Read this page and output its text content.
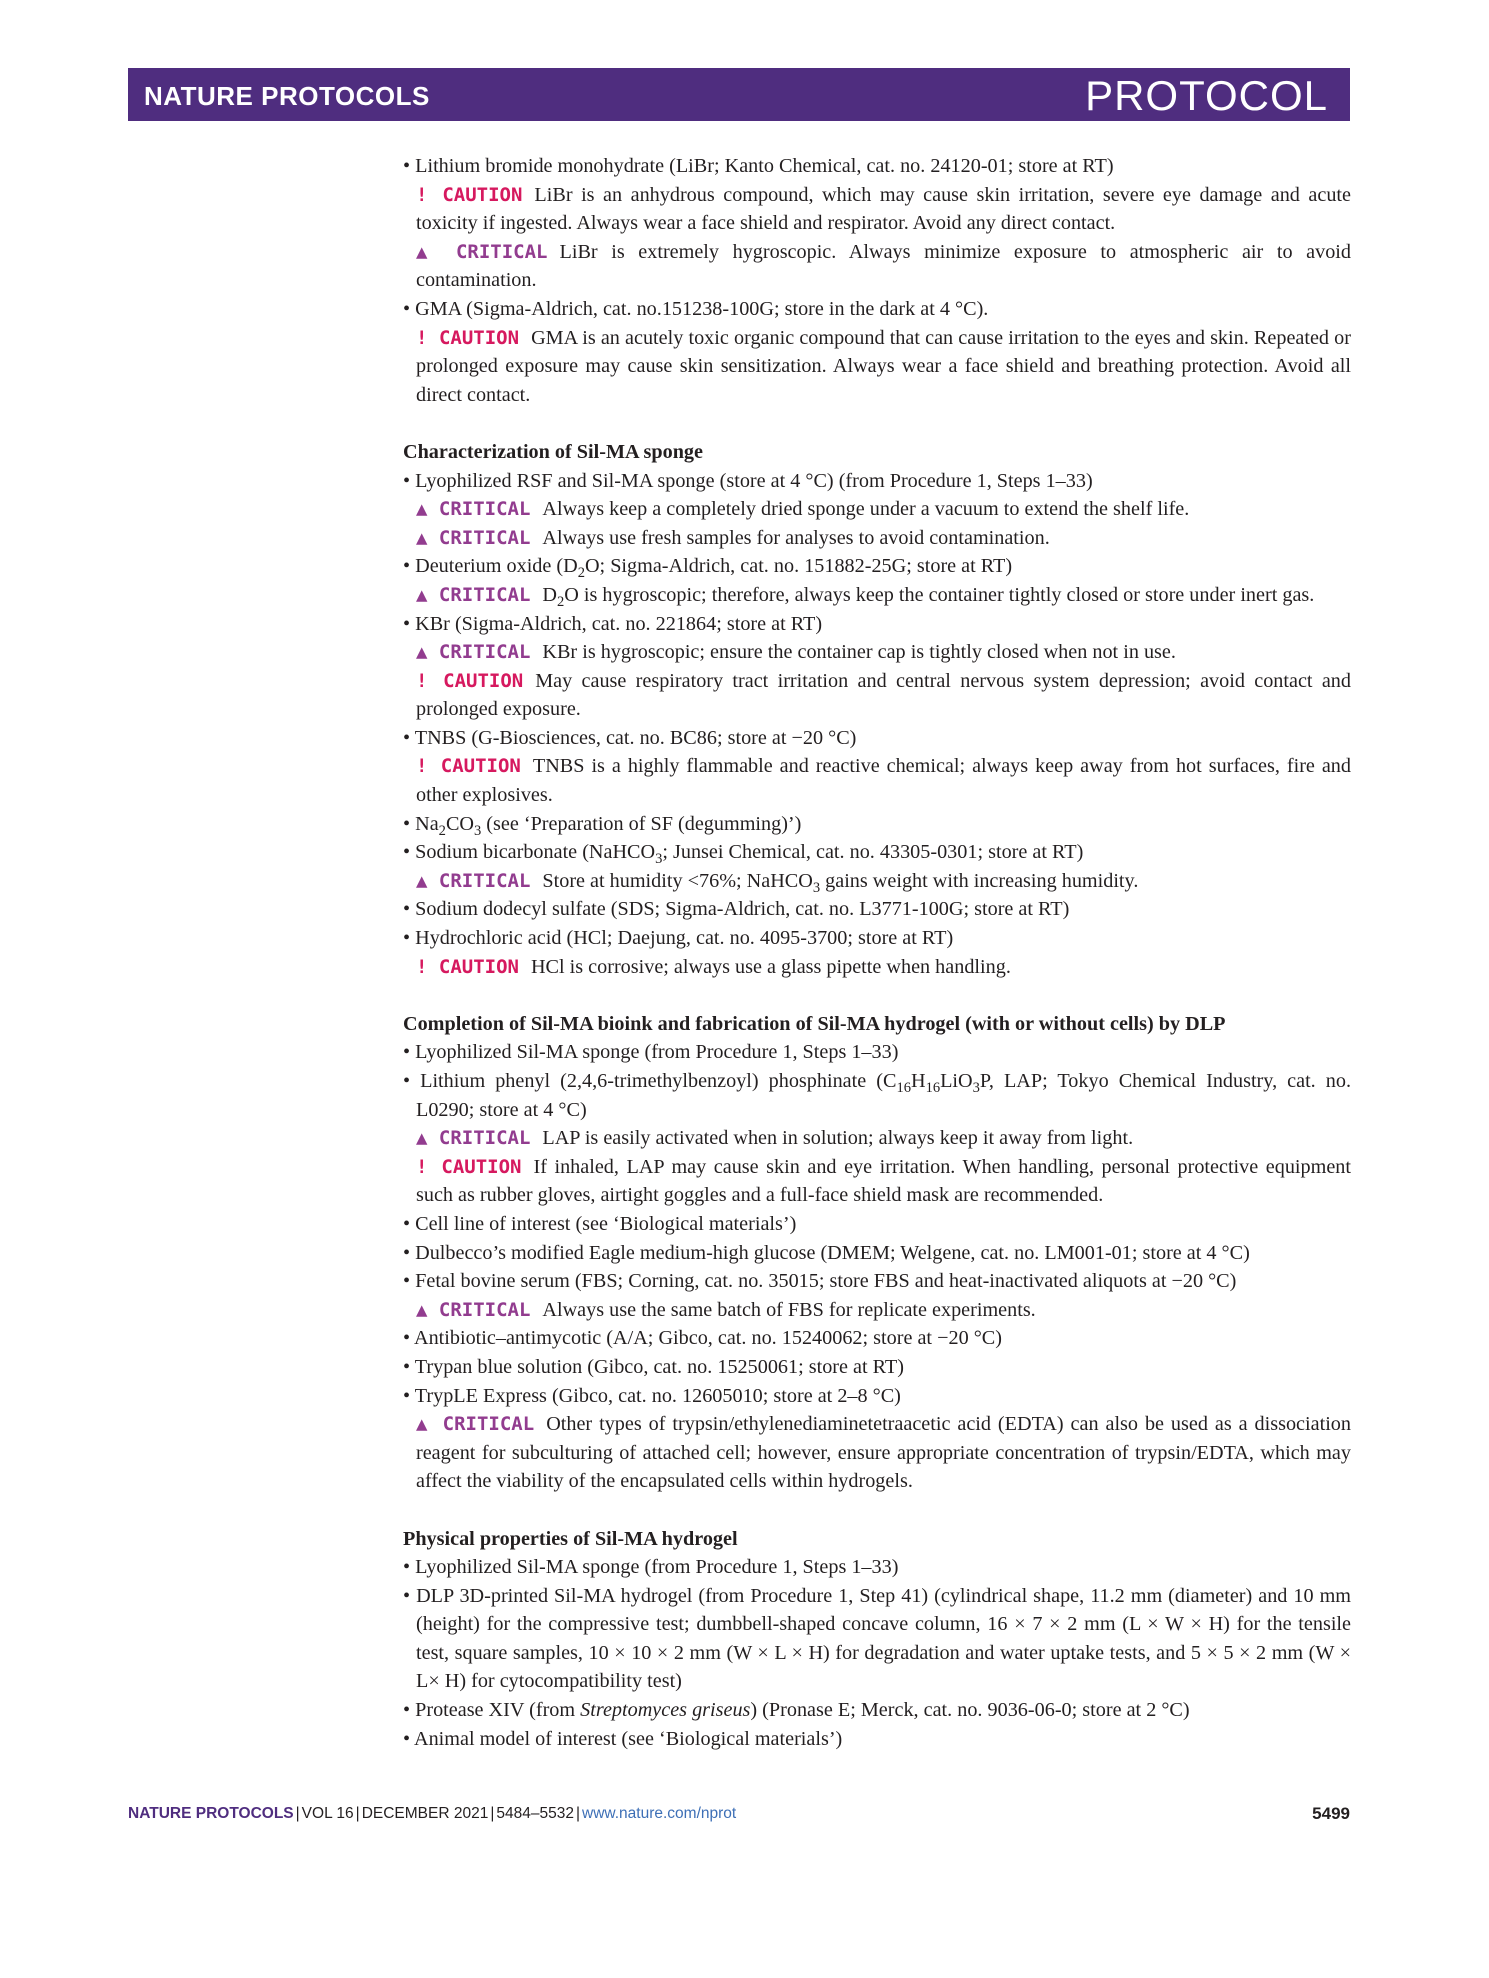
NATURE PROTOCOLS	PROTOCOL

• Lithium bromide monohydrate (LiBr; Kanto Chemical, cat. no. 24120-01; store at RT)

! CAUTION LiBr is an anhydrous compound, which may cause skin irritation, severe eye damage and acute toxicity if ingested. Always wear a face shield and respirator. Avoid any direct contact.

▲ CRITICAL LiBr is extremely hygroscopic. Always minimize exposure to atmospheric air to avoid contamination.

• GMA (Sigma-Aldrich, cat. no.151238-100G; store in the dark at 4 °C).

! CAUTION GMA is an acutely toxic organic compound that can cause irritation to the eyes and skin. Repeated or prolonged exposure may cause skin sensitization. Always wear a face shield and breathing protection. Avoid all direct contact.

Characterization of Sil-MA sponge

• Lyophilized RSF and Sil-MA sponge (store at 4 °C) (from Procedure 1, Steps 1–33)

▲ CRITICAL Always keep a completely dried sponge under a vacuum to extend the shelf life.

▲ CRITICAL Always use fresh samples for analyses to avoid contamination.

• Deuterium oxide ($D_2O$; Sigma-Aldrich, cat. no. 151882-25G; store at RT)

▲ CRITICAL $D_2O$ is hygroscopic; therefore, always keep the container tightly closed or store under inert gas.

• KBr (Sigma-Aldrich, cat. no. 221864; store at RT)

▲ CRITICAL KBr is hygroscopic; ensure the container cap is tightly closed when not in use.

! CAUTION May cause respiratory tract irritation and central nervous system depression; avoid contact and prolonged exposure.

• TNBS (G-Biosciences, cat. no. BC86; store at −20 °C)

! CAUTION TNBS is a highly flammable and reactive chemical; always keep away from hot surfaces, fire and other explosives.

• $Na_2CO_3$ (see ‘Preparation of SF (degumming)’)

• Sodium bicarbonate (NaHCO$_3$; Junsei Chemical, cat. no. 43305-0301; store at RT)

▲ CRITICAL Store at humidity <76%; NaHCO$_3$ gains weight with increasing humidity.

• Sodium dodecyl sulfate (SDS; Sigma-Aldrich, cat. no. L3771-100G; store at RT)

• Hydrochloric acid (HCl; Daejung, cat. no. 4095-3700; store at RT)

! CAUTION HCl is corrosive; always use a glass pipette when handling.

Completion of Sil-MA bioink and fabrication of Sil-MA hydrogel (with or without cells) by DLP

• Lyophilized Sil-MA sponge (from Procedure 1, Steps 1–33)

• Lithium phenyl (2,4,6-trimethylbenzoyl) phosphinate ($C_{16}H_{16}LiO_3P$, LAP; Tokyo Chemical Industry, cat. no. L0290; store at 4 °C)

▲ CRITICAL LAP is easily activated when in solution; always keep it away from light.

! CAUTION If inhaled, LAP may cause skin and eye irritation. When handling, personal protective equipment such as rubber gloves, airtight goggles and a full-face shield mask are recommended.

• Cell line of interest (see ‘Biological materials’)

• Dulbecco’s modified Eagle medium-high glucose (DMEM; Welgene, cat. no. LM001-01; store at 4 °C)

• Fetal bovine serum (FBS; Corning, cat. no. 35015; store FBS and heat-inactivated aliquots at −20 °C)

▲ CRITICAL Always use the same batch of FBS for replicate experiments.

• Antibiotic–antimycotic (A/A; Gibco, cat. no. 15240062; store at −20 °C)

• Trypan blue solution (Gibco, cat. no. 15250061; store at RT)

• TrypLE Express (Gibco, cat. no. 12605010; store at 2–8 °C)

▲ CRITICAL Other types of trypsin/ethylenediaminetetraacetic acid (EDTA) can also be used as a dissociation reagent for subculturing of attached cell; however, ensure appropriate concentration of trypsin/EDTA, which may affect the viability of the encapsulated cells within hydrogels.

Physical properties of Sil-MA hydrogel

• Lyophilized Sil-MA sponge (from Procedure 1, Steps 1–33)

• DLP 3D-printed Sil-MA hydrogel (from Procedure 1, Step 41) (cylindrical shape, 11.2 mm (diameter) and 10 mm (height) for the compressive test; dumbbell-shaped concave column, 16 × 7 × 2 mm (L × W × H) for the tensile test, square samples, 10 × 10 × 2 mm (W × L × H) for degradation and water uptake tests, and 5 × 5 × 2 mm (W × L× H) for cytocompatibility test)

• Protease XIV (from Streptomyces griseus) (Pronase E; Merck, cat. no. 9036-06-0; store at 2 °C)

• Animal model of interest (see ‘Biological materials’)

NATURE PROTOCOLS | VOL 16 | DECEMBER 2021 | 5484–5532 | www.nature.com/nprot	5499
